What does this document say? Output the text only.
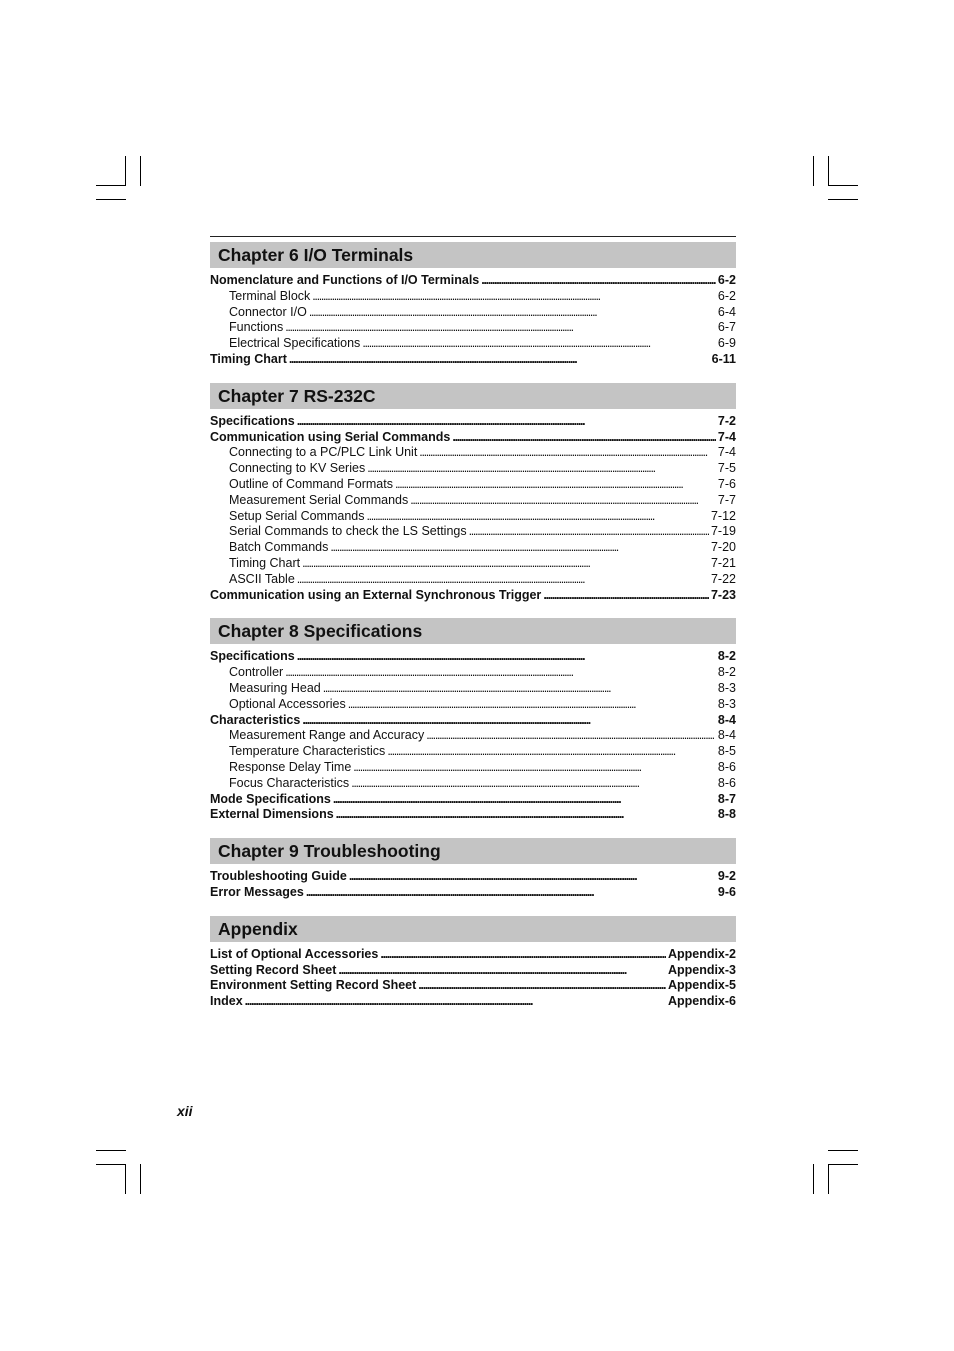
Chapter 6 I/O Terminals
Nomenclature and Functions of I/O Terminals . . .	6-2
Terminal Block . . .	6-2
Connector I/O . . .	6-4
Functions . . .	6-7
Electrical Specifications . . .	6-9
Timing Chart . . .	6-11
Chapter 7 RS-232C
Specifications . . .	7-2
Communication using Serial Commands . . .	7-4
Connecting to a PC/PLC Link Unit . . .	7-4
Connecting to KV Series . . .	7-5
Outline of Command Formats . . .	7-6
Measurement Serial Commands . . .	7-7
Setup Serial Commands . . .	7-12
Serial Commands to check the LS Settings . . .	7-19
Batch Commands . . .	7-20
Timing Chart . . .	7-21
ASCII Table . . .	7-22
Communication using an External Synchronous Trigger . . .	7-23
Chapter 8 Specifications
Specifications . . .	8-2
Controller . . .	8-2
Measuring Head . . .	8-3
Optional Accessories . . .	8-3
Characteristics . . .	8-4
Measurement Range and Accuracy . . .	8-4
Temperature Characteristics . . .	8-5
Response Delay Time . . .	8-6
Focus Characteristics . . .	8-6
Mode Specifications . . .	8-7
External Dimensions . . .	8-8
Chapter 9 Troubleshooting
Troubleshooting Guide . . .	9-2
Error Messages . . .	9-6
Appendix
List of Optional Accessories . . .	Appendix-2
Setting Record Sheet . . .	Appendix-3
Environment Setting Record Sheet . . .	Appendix-5
Index . . .	Appendix-6
xii
